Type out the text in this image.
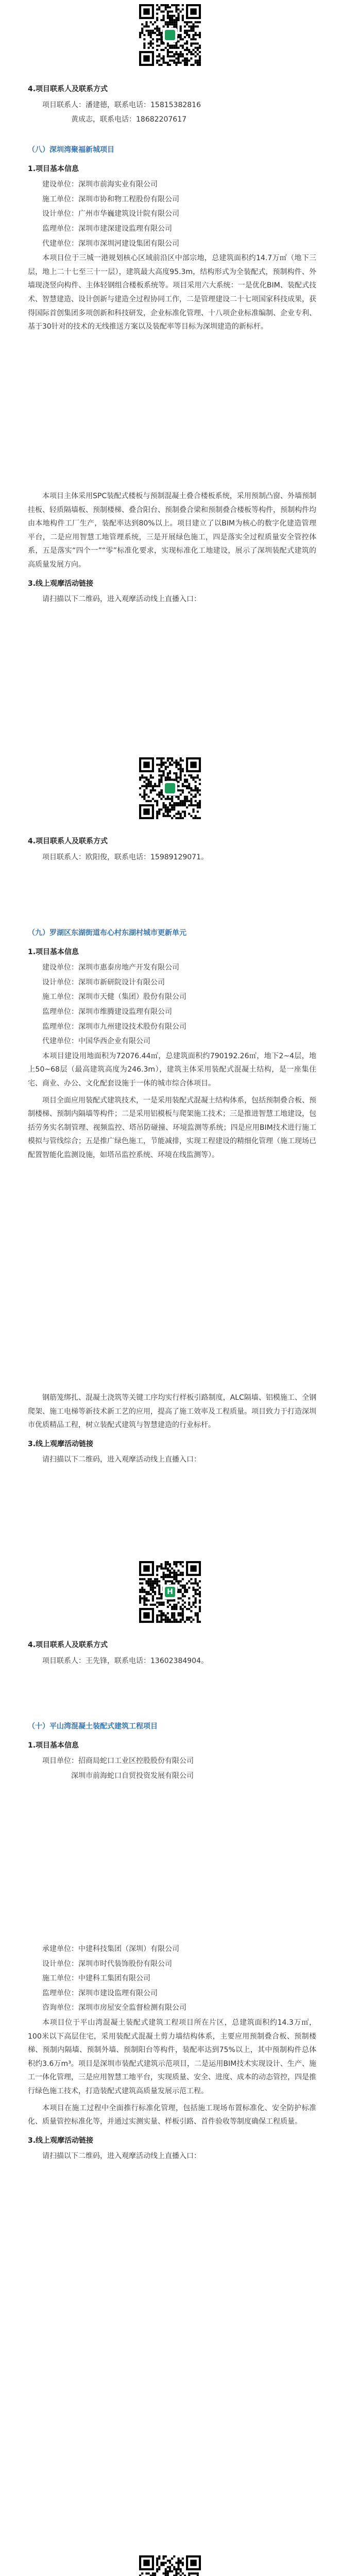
4.项目联系人及联系方式
项目联系人：潘建德，联系电话：15815382816
黄成志，联系电话：18682207617
（八）深圳湾聚福新城项目
1.项目基本信息
建设单位：深圳市前海实业有限公司
施工单位：深圳市协和物工程股份有限公司
设计单位：广州市华巍建筑设计院有限公司
监理单位：深圳市建深建设监理有限公司
代建单位：深圳市深圳河建设集团有限公司

本项目位于三城一港规划核心区域前沿区中部宗地，总建筑面积约14.7万㎡（地下三层，地上二十七至三十一层），建筑最大高度95.3m，结构形式为全装配式，预制构件、外墙现浇竖向构件、主体轻钢组合楼板系统等。项目采用六大系统：一是优化BIM、装配式技术、智慧建造、设计创新与建造全过程协同工作，二是管理建设二十七项国家科技成果，获得国际首创集团多项创新和科技研发，企业标准化管理、十八项企业标准编制、企业专利、基于30针对的技术的无线推送方案以及装配率等目标为深圳建造的新标杆。

本项目主体采用SPC装配式楼板与预制混凝土叠合楼板系统，采用预制凸窗、外墙预制挂板、轻质隔墙板、预制楼梯、叠合阳台、预制叠合梁和预制叠合楼板等构件，预制构件均由本地构件工厂生产，装配率达到80%以上。项目建立了以BIM为核心的数字化建造管理平台，二是应用智慧工地管理系统，三是开展绿色施工，四是落实全过程质量安全管控体系，五是落实“四个一”“零”标准化要求，实现标准化工地建设，展示了深圳装配式建筑的高质量发展方向。

3.线上观摩活动链接
请扫描以下二维码，进入观摩活动线上直播入口：
4.项目联系人及联系方式
项目联系人：欧阳俊，联系电话：15989129071。
（九）罗湖区东湖街道布心村东湖村城市更新单元
1.项目基本信息
建设单位：深圳市惠泰房地产开发有限公司
设计单位：深圳市新研院设计有限公司
施工单位：深圳市天健（集团）股份有限公司
监理单位：深圳市维腾建设监理有限公司
监理单位：深圳市九州建设技术股份有限公司
代建单位：中国华西企业有限公司

本项目建设用地面积为72076.44㎡，总建筑面积约790192.26㎡，地下2~4层，地上50~68层（最高建筑高度为246.3m），建筑主体采用装配式混凝土结构，是一座集住宅、商业、办公、文化配套设施于一体的城市综合体项目。

项目全面应用装配式建筑技术，一是采用装配式混凝土结构体系，包括预制叠合板、预制楼梯、预制内隔墙等构件；二是采用铝模板与爬架施工技术；三是推进智慧工地建设，包括劳务实名制管理、视频监控、塔吊防碰撞、环境监测等系统；四是应用BIM技术进行施工模拟与管线综合；五是推广绿色施工，节能减排，实现工程建设的精细化管理（施工现场已配置智能化监测设施，如塔吊监控系统、环境在线监测等）。

钢筋笼绑扎、混凝土浇筑等关键工序均实行样板引路制度，ALC隔墙、铝模施工、全钢爬架、施工电梯等新技术新工艺的应用，提高了施工效率及工程质量。项目致力于打造深圳市优质精品工程，树立装配式建筑与智慧建造的行业标杆。

3.线上观摩活动链接
请扫描以下二维码，进入观摩活动线上直播入口：
H
4.项目联系人及联系方式
项目联系人：王先锋，联系电话：13602384904。
（十）平山湾混凝土装配式建筑工程项目
1.项目基本信息
项目单位：招商局蛇口工业区控股股份有限公司
深圳市前海蛇口自贸投资发展有限公司
承建单位：中建科技集团（深圳）有限公司
设计单位：深圳市时代装饰股份有限公司
施工单位：中建科工集团有限公司
监理单位：深圳市建设监理有限公司
咨询单位：深圳市房屋安全监督检测有限公司

本项目位于平山湾混凝土装配式建筑工程项目所在片区，总建筑面积约14.3万㎡，100米以下高层住宅，采用装配式混凝土剪力墙结构体系，主要应用预制叠合板、预制楼梯、预制内隔墙、预制外墙、预制阳台等构件，装配率达到75%以上，其中预制构件总体积约3.6万m³。项目是深圳市装配式建筑示范项目，二是运用BIM技术实现设计、生产、施工一体化管理，三是应用智慧工地平台，实现质量、安全、进度、成本的动态管控，四是推行绿色施工技术，打造装配式建筑高质量发展示范工程。

本项目在施工过程中全面推行标准化管理，包括施工现场布置标准化、安全防护标准化、质量管控标准化等，并通过实测实量、样板引路、首件验收等制度确保工程质量。

3.线上观摩活动链接
请扫描以下二维码，进入观摩活动线上直播入口：
